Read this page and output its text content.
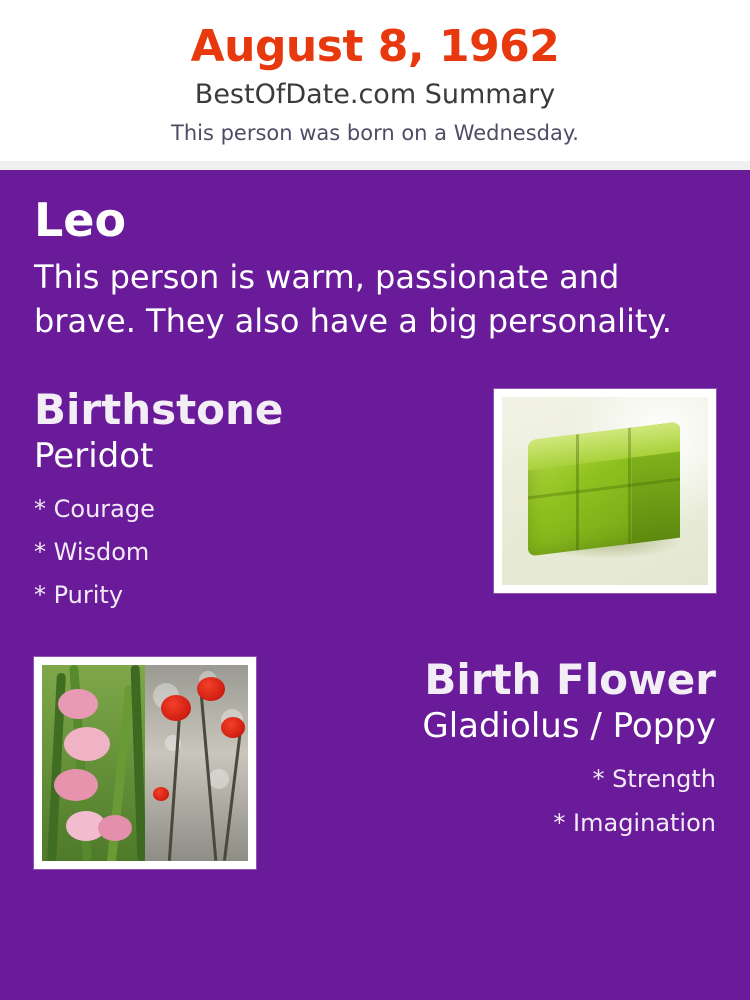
August 8, 1962
BestOfDate.com Summary
This person was born on a Wednesday.
Leo
This person is warm, passionate and brave. They also have a big personality.
Birthstone
Peridot
* Courage
* Wisdom
* Purity
Birth Flower
Gladiolus / Poppy
* Strength
* Imagination
